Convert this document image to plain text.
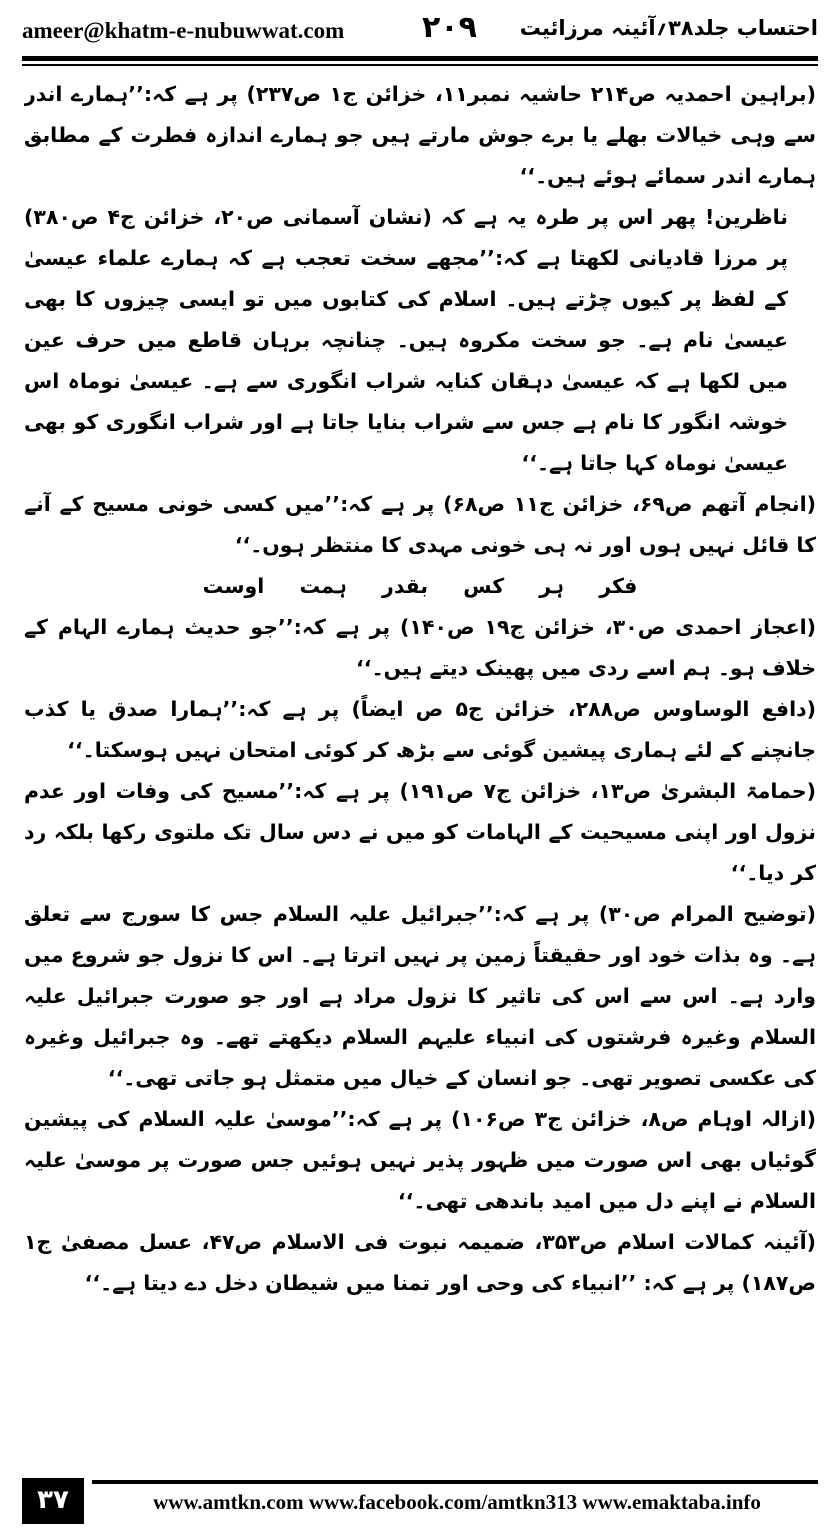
ameer@khatm-e-nubuwwat.com	۲۰۹ احتساب جلد۳۸؍آئینہ مرزائیت

(براہین احمدیہ ص۲۱۴ حاشیہ نمبر۱۱، خزائن ج۱ ص۲۳۷) پر ہے کہ:’’ہمارے اندر سے وہی خیالات بھلے یا برے جوش مارتے ہیں جو ہمارے اندازہ فطرت کے مطابق ہمارے اندر سمائے ہوئے ہیں۔‘‘

ناظرین! پھر اس پر طرہ یہ ہے کہ (نشان آسمانی ص۲۰، خزائن ج۴ ص۳۸۰) پر مرزا قادیانی لکھتا ہے کہ:’’مجھے سخت تعجب ہے کہ ہمارے علماء عیسیٰ کے لفظ پر کیوں چڑتے ہیں۔ اسلام کی کتابوں میں تو ایسی چیزوں کا بھی عیسیٰ نام ہے۔ جو سخت مکروہ ہیں۔ چنانچہ برہان قاطع میں حرف عین میں لکھا ہے کہ عیسیٰ دہقان کنایہ شراب انگوری سے ہے۔ عیسیٰ نوماہ اس خوشہ انگور کا نام ہے جس سے شراب بنایا جاتا ہے اور شراب انگوری کو بھی عیسیٰ نوماہ کہا جاتا ہے۔‘‘

(انجام آتھم ص۶۹، خزائن ج۱۱ ص۶۸) پر ہے کہ:’’میں کسی خونی مسیح کے آنے کا قائل نہیں ہوں اور نہ ہی خونی مہدی کا منتظر ہوں۔‘‘

فکر ہر کس بقدر ہمت اوست

(اعجاز احمدی ص۳۰، خزائن ج۱۹ ص۱۴۰) پر ہے کہ:’’جو حدیث ہمارے الہام کے خلاف ہو۔ ہم اسے ردی میں پھینک دیتے ہیں۔‘‘

(دافع الوساوس ص۲۸۸، خزائن ج۵ ص ایضاً) پر ہے کہ:’’ہمارا صدق یا کذب جانچنے کے لئے ہماری پیشین گوئی سے بڑھ کر کوئی امتحان نہیں ہوسکتا۔‘‘

(حمامۃ البشریٰ ص۱۳، خزائن ج۷ ص۱۹۱) پر ہے کہ:’’مسیح کی وفات اور عدم نزول اور اپنی مسیحیت کے الہامات کو میں نے دس سال تک ملتوی رکھا بلکہ رد کر دیا۔‘‘

(توضیح المرام ص۳۰) پر ہے کہ:’’جبرائیل علیہ السلام جس کا سورج سے تعلق ہے۔ وہ بذات خود اور حقیقتاً زمین پر نہیں اترتا ہے۔ اس کا نزول جو شروع میں وارد ہے۔ اس سے اس کی تاثیر کا نزول مراد ہے اور جو صورت جبرائیل علیہ السلام وغیرہ فرشتوں کی انبیاء علیہم السلام دیکھتے تھے۔ وہ جبرائیل وغیرہ کی عکسی تصویر تھی۔ جو انسان کے خیال میں متمثل ہو جاتی تھی۔‘‘

(ازالہ اوہام ص۸، خزائن ج۳ ص۱۰۶) پر ہے کہ:’’موسیٰ علیہ السلام کی پیشین گوئیاں بھی اس صورت میں ظہور پذیر نہیں ہوئیں جس صورت پر موسیٰ علیہ السلام نے اپنے دل میں امید باندھی تھی۔‘‘

(آئینہ کمالات اسلام ص۳۵۳، ضمیمہ نبوت فی الاسلام ص۴۷، عسل مصفیٰ ج۱ ص۱۸۷) پر ہے کہ: ’’انبیاء کی وحی اور تمنا میں شیطان دخل دے دیتا ہے۔‘‘

۳۷	www.amtkn.com www.facebook.com/amtkn313 www.emaktaba.info
